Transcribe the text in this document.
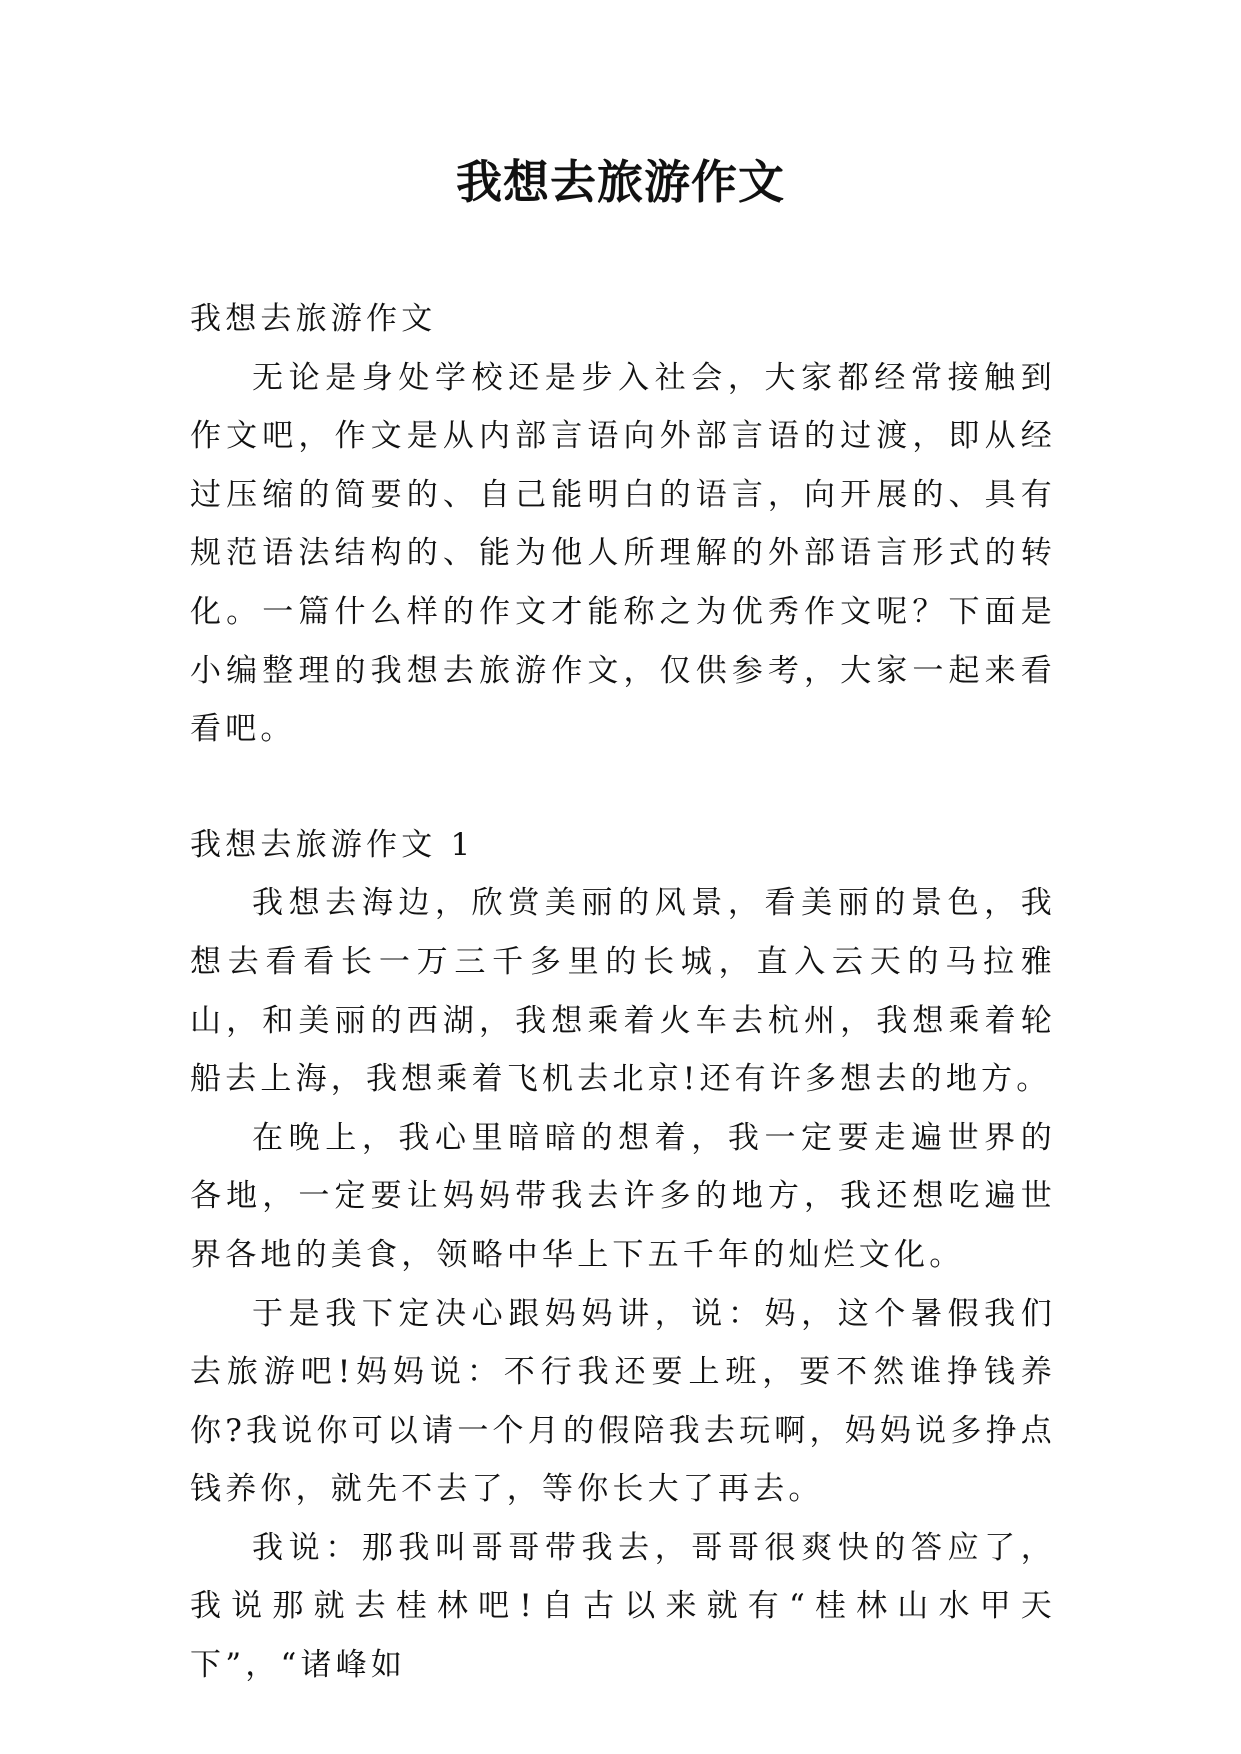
我想去旅游作文

我想去旅游作文

无论是身处学校还是步入社会，大家都经常接触到作文吧，作文是从内部言语向外部言语的过渡，即从经过压缩的简要的、自己能明白的语言，向开展的、具有规范语法结构的、能为他人所理解的外部语言形式的转化。一篇什么样的作文才能称之为优秀作文呢？下面是小编整理的我想去旅游作文，仅供参考，大家一起来看看吧。

我想去旅游作文 1

我想去海边，欣赏美丽的风景，看美丽的景色，我想去看看长一万三千多里的长城，直入云天的马拉雅山，和美丽的西湖，我想乘着火车去杭州，我想乘着轮船去上海，我想乘着飞机去北京!还有许多想去的地方。

在晚上，我心里暗暗的想着，我一定要走遍世界的各地，一定要让妈妈带我去许多的地方，我还想吃遍世界各地的美食，领略中华上下五千年的灿烂文化。

于是我下定决心跟妈妈讲，说：妈，这个暑假我们去旅游吧!妈妈说：不行我还要上班，要不然谁挣钱养你?我说你可以请一个月的假陪我去玩啊，妈妈说多挣点钱养你，就先不去了，等你长大了再去。

我说：那我叫哥哥带我去，哥哥很爽快的答应了，我说那就去桂林吧!自古以来就有“桂林山水甲天下”，“诸峰如
